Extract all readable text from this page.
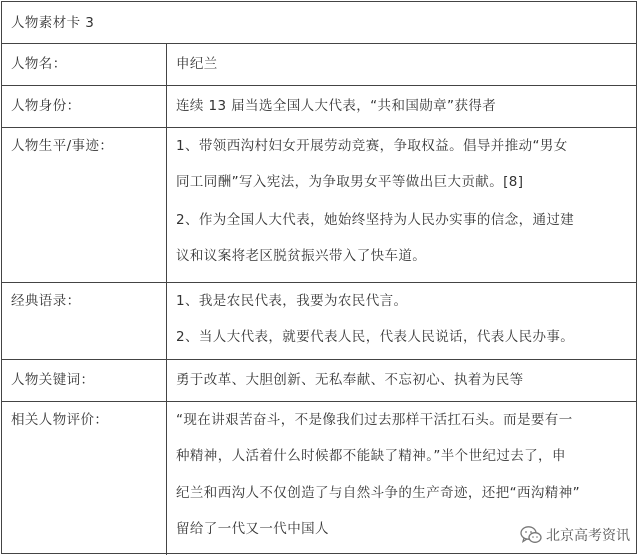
人物素材卡 3
人物名：	申纪兰
人物身份：	连续 13 届当选全国人大代表，“共和国勋章”获得者
人物生平/事迹：	1、带领西沟村妇女开展劳动竞赛，争取权益。倡导并推动“男女
同工同酬”写入宪法，为争取男女平等做出巨大贡献。[8]
2、作为全国人大代表，她始终坚持为人民办实事的信念，通过建
议和议案将老区脱贫振兴带入了快车道。
经典语录：	1、我是农民代表，我要为农民代言。
2、当人大代表，就要代表人民，代表人民说话，代表人民办事。
人物关键词：	勇于改革、大胆创新、无私奉献、不忘初心、执着为民等
相关人物评价：	“现在讲艰苦奋斗，不是像我们过去那样干活扛石头。而是要有一
种精神，人活着什么时候都不能缺了精神。”半个世纪过去了，申
纪兰和西沟人不仅创造了与自然斗争的生产奇迹，还把“西沟精神”
留给了一代又一代中国人	北京高考资讯
